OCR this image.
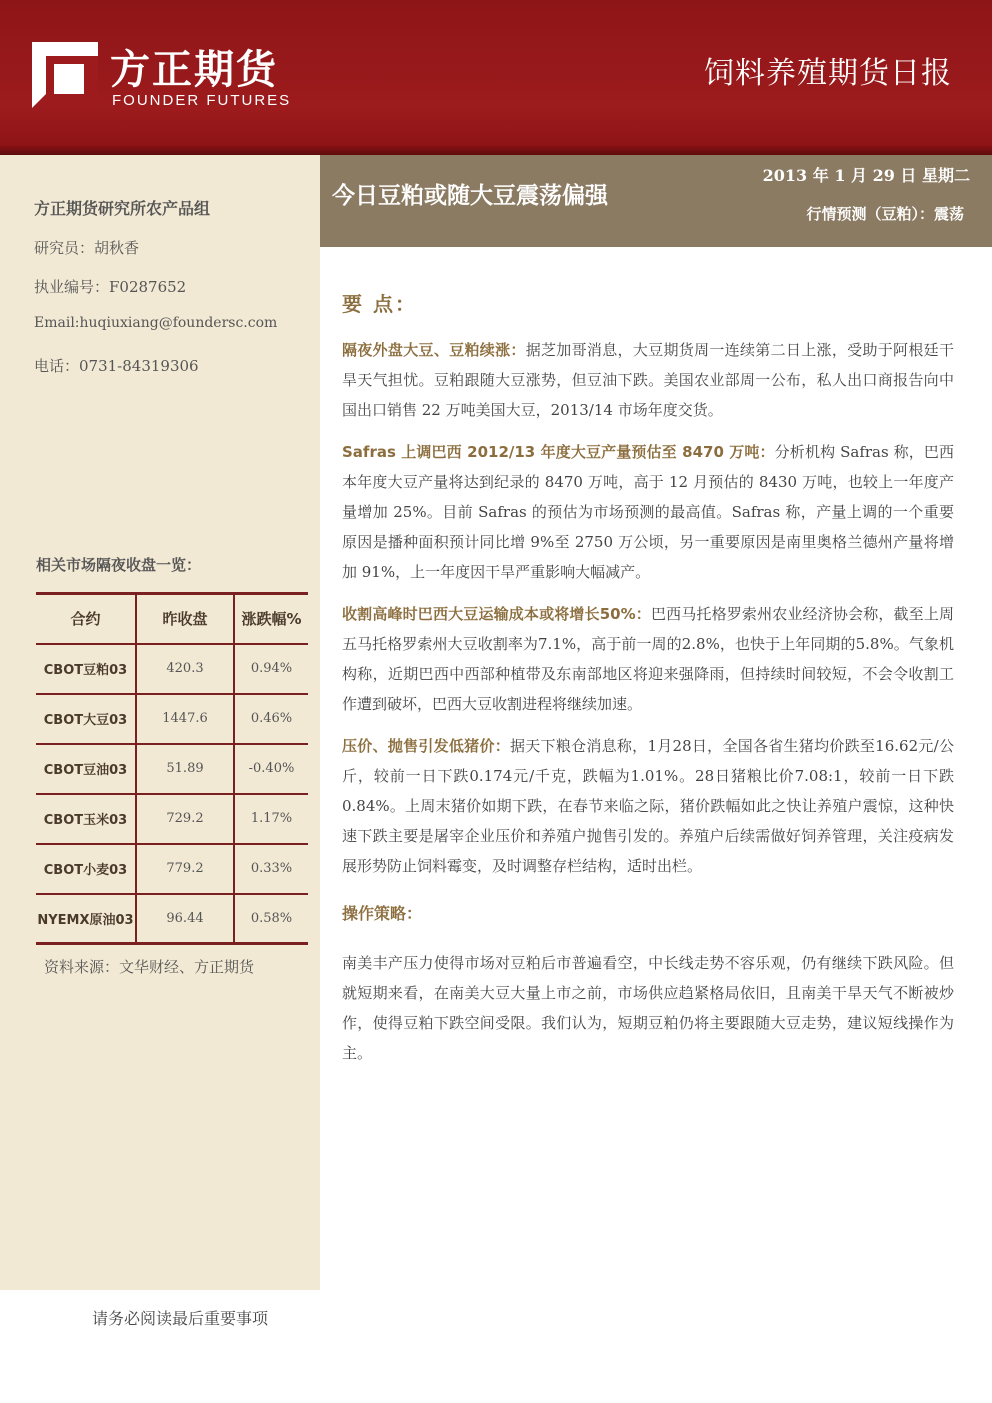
方正期货
FOUNDER FUTURES
饲料养殖期货日报
方正期货研究所农产品组
研究员：胡秋香
执业编号：F0287652
Email:huqiuxiang@foundersc.com
电话：0731-84319306
相关市场隔夜收盘一览：
合约	昨收盘	涨跌幅%
CBOT豆粕03	420.3	0.94%
CBOT大豆03	1447.6	0.46%
CBOT豆油03	51.89	-0.40%
CBOT玉米03	729.2	1.17%
CBOT小麦03	779.2	0.33%
NYEMX原油03	96.44	0.58%
资料来源：文华财经、方正期货
请务必阅读最后重要事项
今日豆粕或随大豆震荡偏强
2013 年 1 月 29 日 星期二
行情预测（豆粕）：震荡
要 点：

隔夜外盘大豆、豆粕续涨：据芝加哥消息，大豆期货周一连续第二日上涨，受助于阿根廷干旱天气担忧。豆粕跟随大豆涨势，但豆油下跌。美国农业部周一公布，私人出口商报告向中国出口销售 22 万吨美国大豆，2013/14 市场年度交货。

Safras 上调巴西 2012/13 年度大豆产量预估至 8470 万吨：分析机构 Safras 称，巴西本年度大豆产量将达到纪录的 8470 万吨，高于 12 月预估的 8430 万吨，也较上一年度产量增加 25%。目前 Safras 的预估为市场预测的最高值。Safras 称，产量上调的一个重要原因是播种面积预计同比增 9%至 2750 万公顷，另一重要原因是南里奥格兰德州产量将增加 91%，上一年度因干旱严重影响大幅减产。

收割高峰时巴西大豆运输成本或将增长50%：巴西马托格罗索州农业经济协会称，截至上周五马托格罗索州大豆收割率为7.1%，高于前一周的2.8%，也快于上年同期的5.8%。气象机构称，近期巴西中西部种植带及东南部地区将迎来强降雨，但持续时间较短，不会令收割工作遭到破坏，巴西大豆收割进程将继续加速。

压价、抛售引发低猪价：据天下粮仓消息称，1月28日，全国各省生猪均价跌至16.62元/公斤，较前一日下跌0.174元/千克，跌幅为1.01%。28日猪粮比价7.08:1，较前一日下跌0.84%。上周末猪价如期下跌，在春节来临之际，猪价跌幅如此之快让养殖户震惊，这种快速下跌主要是屠宰企业压价和养殖户抛售引发的。养殖户后续需做好饲养管理，关注疫病发展形势防止饲料霉变，及时调整存栏结构，适时出栏。

操作策略：

南美丰产压力使得市场对豆粕后市普遍看空，中长线走势不容乐观，仍有继续下跌风险。但就短期来看，在南美大豆大量上市之前，市场供应趋紧格局依旧，且南美干旱天气不断被炒作，使得豆粕下跌空间受限。我们认为，短期豆粕仍将主要跟随大豆走势，建议短线操作为主。
